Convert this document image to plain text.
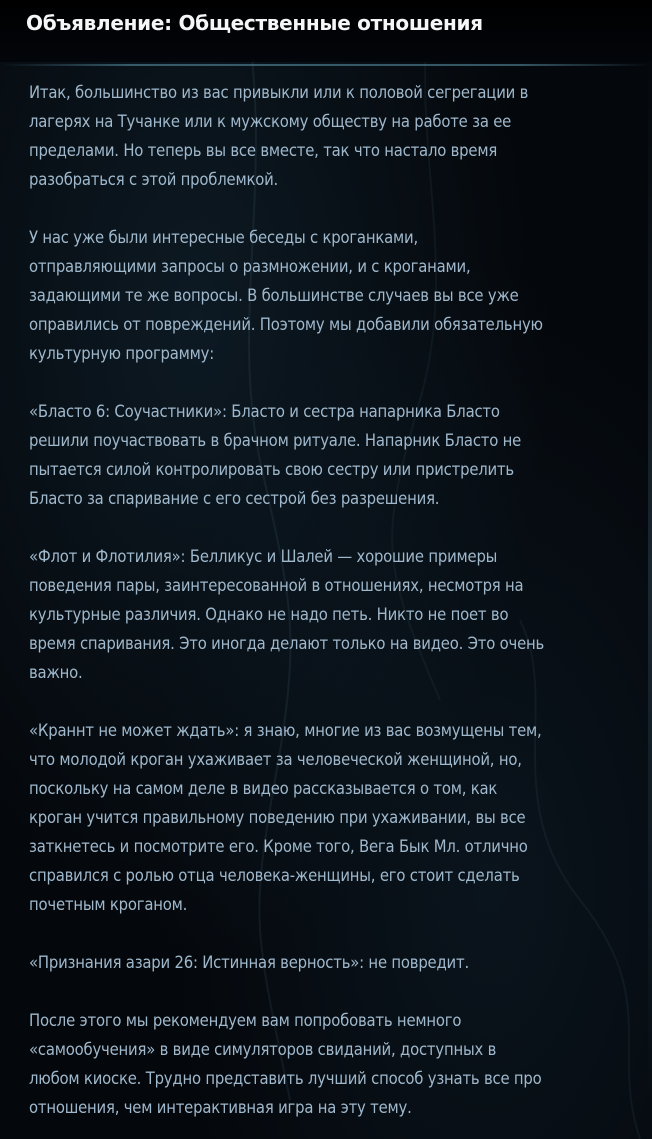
Объявление: Общественные отношения

Итак, большинство из вас привыкли или к половой сегрегации в
лагерях на Тучанке или к мужскому обществу на работе за ее
пределами. Но теперь вы все вместе, так что настало время
разобраться с этой проблемкой.

У нас уже были интересные беседы с кроганками,
отправляющими запросы о размножении, и с кроганами,
задающими те же вопросы. В большинстве случаев вы все уже
оправились от повреждений. Поэтому мы добавили обязательную
культурную программу:

«Бласто 6: Соучастники»: Бласто и сестра напарника Бласто
решили поучаствовать в брачном ритуале. Напарник Бласто не
пытается силой контролировать свою сестру или пристрелить
Бласто за спаривание с его сестрой без разрешения.

«Флот и Флотилия»: Белликус и Шалей — хорошие примеры
поведения пары, заинтересованной в отношениях, несмотря на
культурные различия. Однако не надо петь. Никто не поет во
время спаривания. Это иногда делают только на видео. Это очень
важно.

«Краннт не может ждать»: я знаю, многие из вас возмущены тем,
что молодой кроган ухаживает за человеческой женщиной, но,
поскольку на самом деле в видео рассказывается о том, как
кроган учится правильному поведению при ухаживании, вы все
заткнетесь и посмотрите его. Кроме того, Вега Бык Мл. отлично
справился с ролью отца человека-женщины, его стоит сделать
почетным кроганом.

«Признания азари 26: Истинная верность»: не повредит.

После этого мы рекомендуем вам попробовать немного
«самообучения» в виде симуляторов свиданий, доступных в
любом киоске. Трудно представить лучший способ узнать все про
отношения, чем интерактивная игра на эту тему.
